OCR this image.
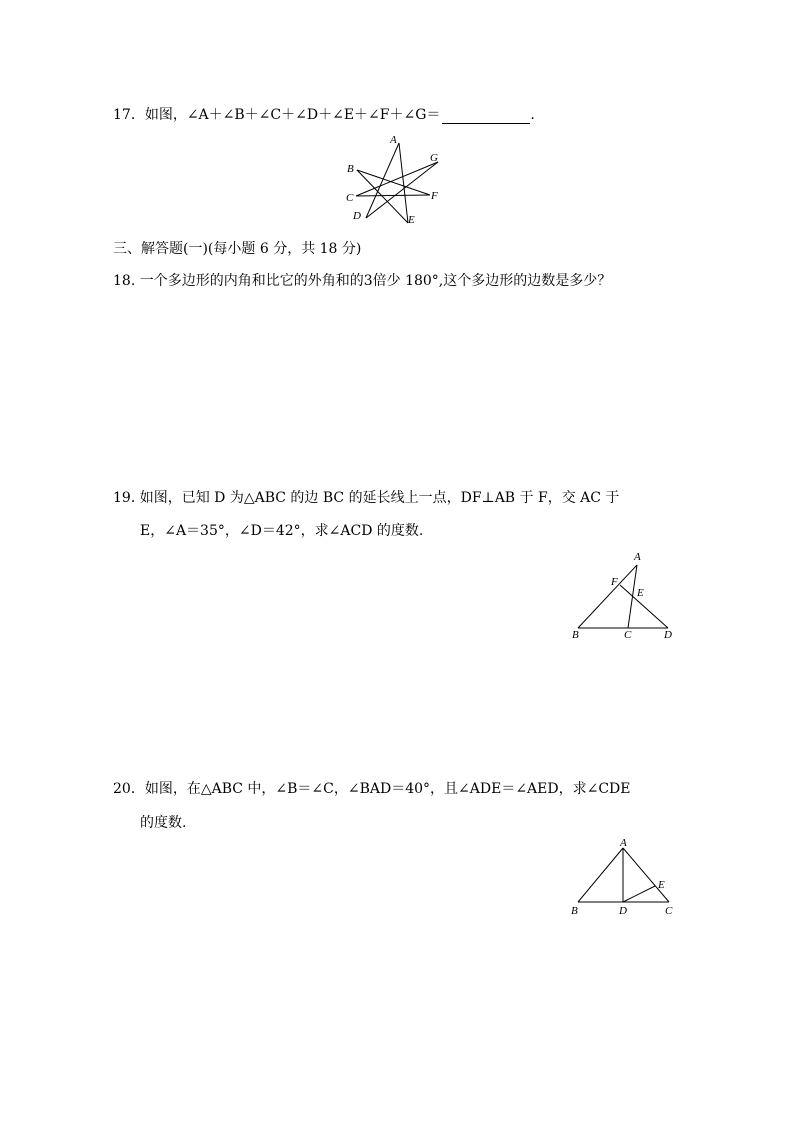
17．如图，∠A＋∠B＋∠C＋∠D＋∠E＋∠F＋∠G＝	.
A
B
C
D	E
F
G
A
F
E
B	C	D
A
E
B	D	C
三、解答题(一)(每小题 6 分，共 18 分)
18. 一个多边形的内角和比它的外角和的3倍少 180°,这个多边形的边数是多少？
19. 如图，已知 D 为△ABC 的边 BC 的延长线上一点，DF⊥AB 于 F，交 AC 于
E，∠A＝35°，∠D＝42°，求∠ACD 的度数.
20．如图，在△ABC 中，∠B＝∠C，∠BAD＝40°，且∠ADE＝∠AED，求∠CDE
的度数.
